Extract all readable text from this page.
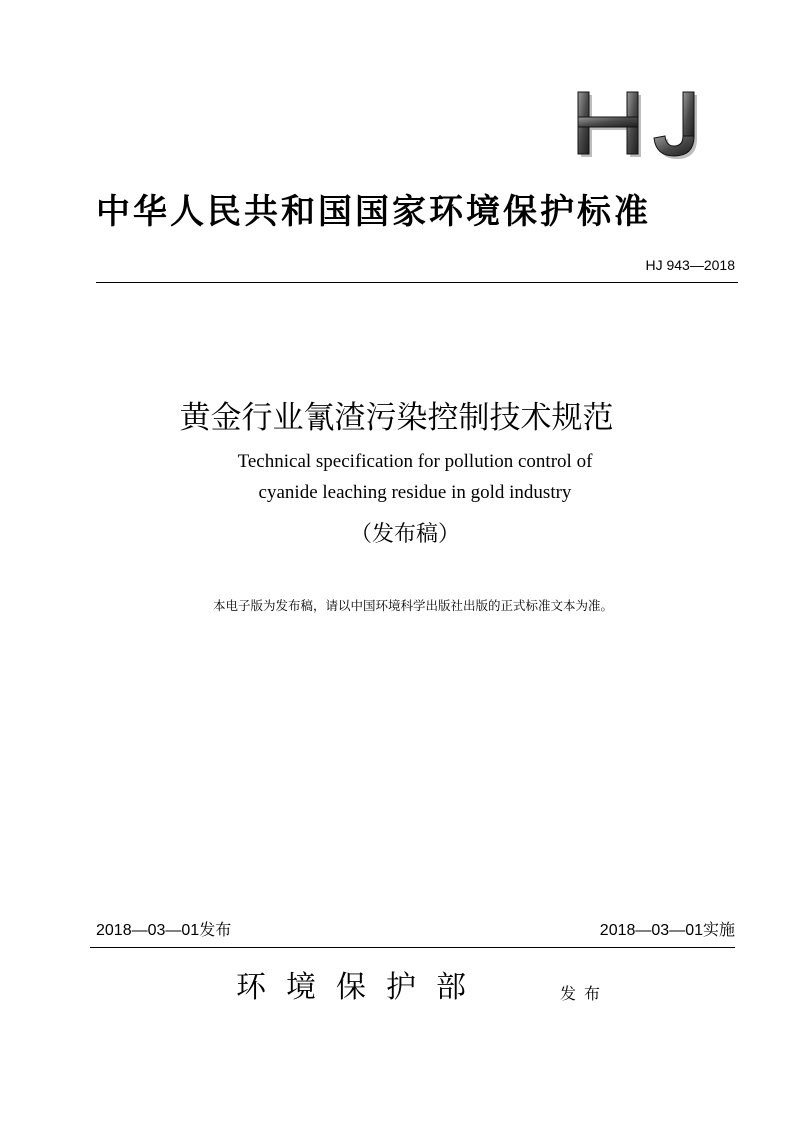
中华人民共和国国家环境保护标准
HJ 943—2018
黄金行业氰渣污染控制技术规范
Technical specification for pollution control of
cyanide leaching residue in gold industry
（发布稿）
本电子版为发布稿，请以中国环境科学出版社出版的正式标准文本为准。
2018—03—01发布	2018—03—01实施
环境保护部	发布
